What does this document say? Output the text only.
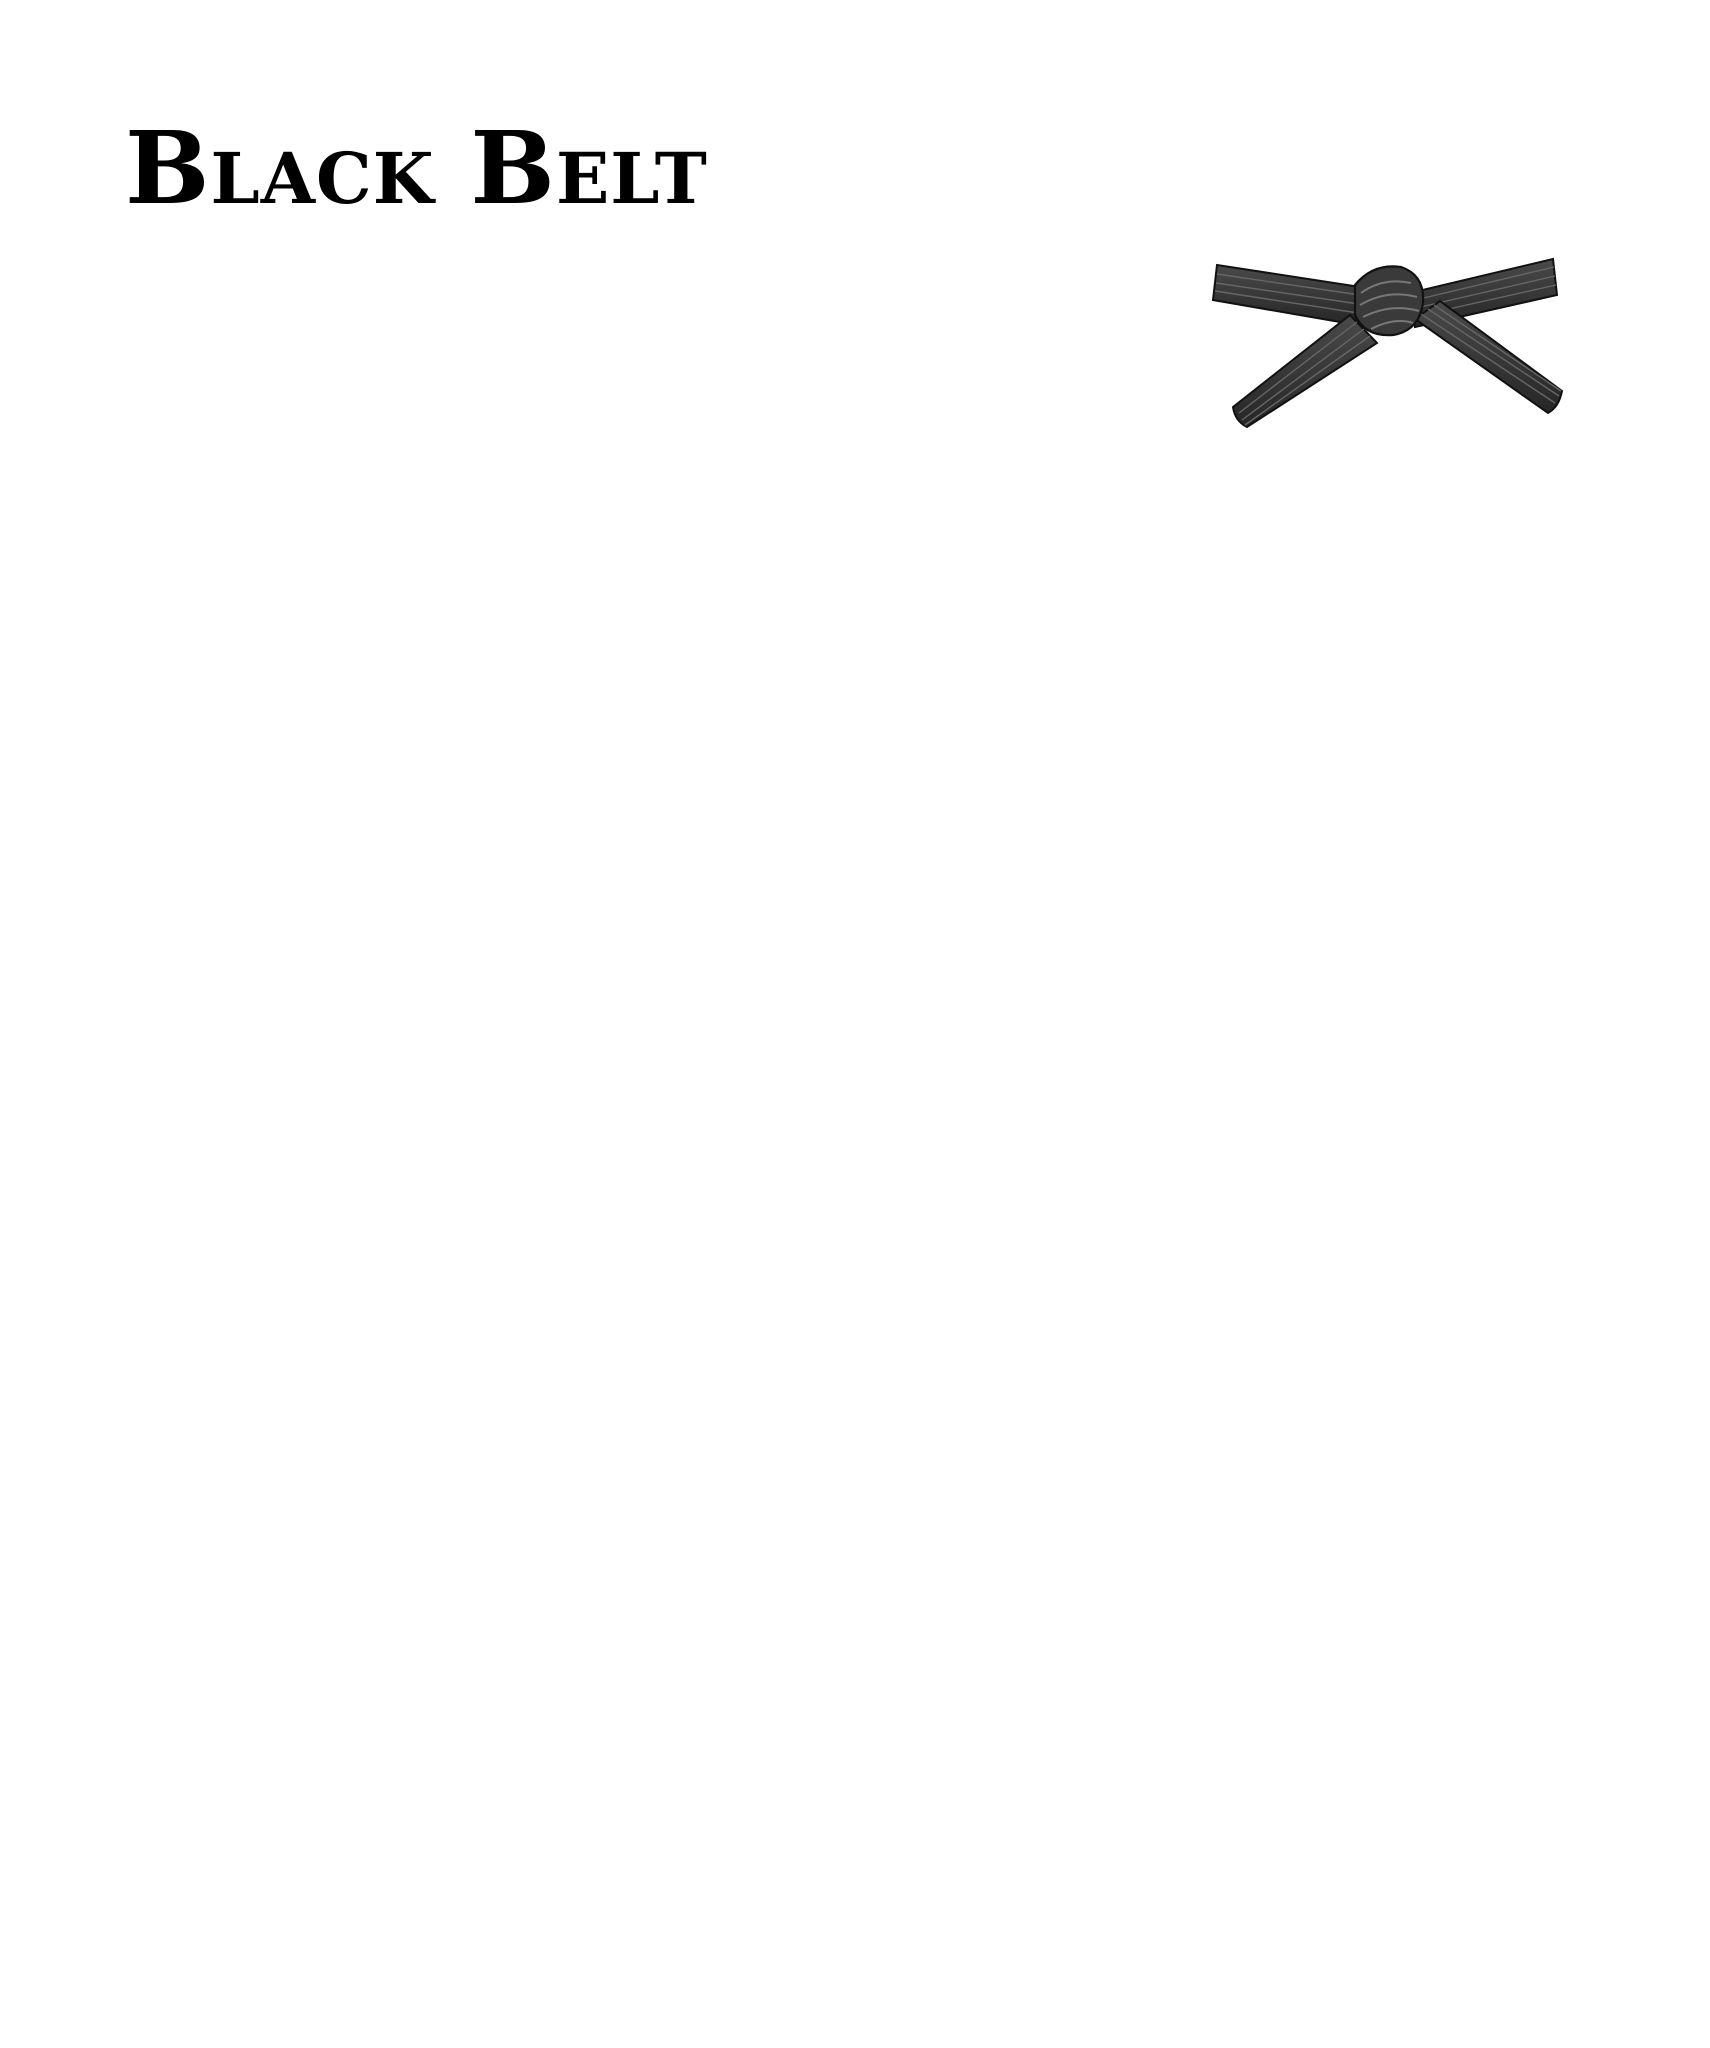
Black Belt
